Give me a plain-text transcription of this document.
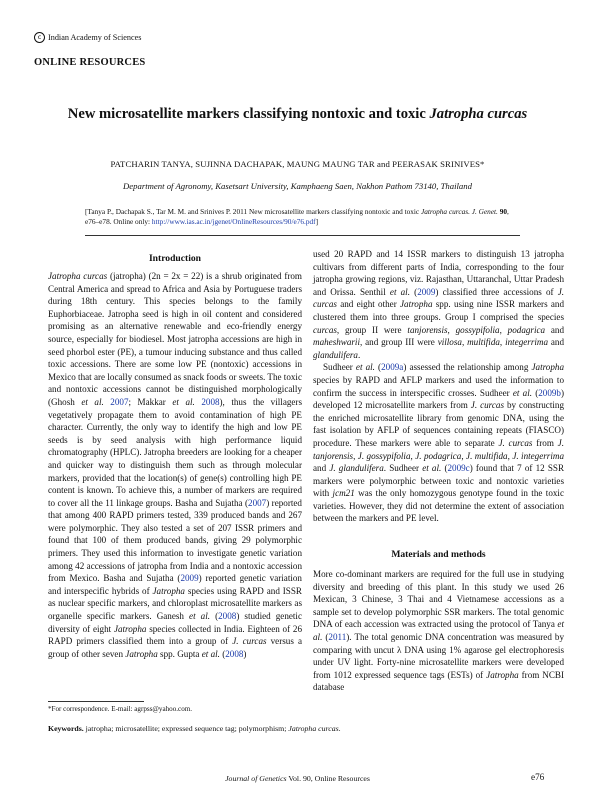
c Indian Academy of Sciences
ONLINE RESOURCES
New microsatellite markers classifying nontoxic and toxic Jatropha curcas
PATCHARIN TANYA, SUJINNA DACHAPAK, MAUNG MAUNG TAR and PEERASAK SRINIVES*
Department of Agronomy, Kasetsart University, Kamphaeng Saen, Nakhon Pathom 73140, Thailand
[Tanya P., Dachapak S., Tar M. M. and Srinives P. 2011 New microsatellite markers classifying nontoxic and toxic Jatropha curcas. J. Genet. 90, e76–e78. Online only: http://www.ias.ac.in/jgenet/OnlineResources/90/e76.pdf]
Introduction

Jatropha curcas (jatropha) (2n = 2x = 22) is a shrub originated from Central America and spread to Africa and Asia by Portuguese traders during 18th century. This species belongs to the family Euphorbiaceae. Jatropha seed is high in oil content and considered promising as an alternative renewable and eco-friendly energy source, especially for biodiesel. Most jatropha accessions are high in seed phorbol ester (PE), a tumour inducing substance and thus called toxic accessions. There are some low PE (nontoxic) accessions in Mexico that are locally consumed as snack foods or sweets. The toxic and nontoxic accessions cannot be distinguished morphologically (Ghosh et al. 2007; Makkar et al. 2008), thus the villagers vegetatively propagate them to avoid contamination of high PE character. Currently, the only way to identify the high and low PE seeds is by seed analysis with high performance liquid chromatography (HPLC). Jatropha breeders are looking for a cheaper and quicker way to distinguish them such as through molecular markers, provided that the location(s) of gene(s) controlling high PE content is known. To achieve this, a number of markers are required to cover all the 11 linkage groups. Basha and Sujatha (2007) reported that among 400 RAPD primers tested, 339 produced bands and 267 were polymorphic. They also tested a set of 207 ISSR primers and found that 100 of them produced bands, giving 29 polymorphic primers. They used this information to investigate genetic variation among 42 accessions of jatropha from India and a nontoxic accession from Mexico. Basha and Sujatha (2009) reported genetic variation and interspecific hybrids of Jatropha species using RAPD and ISSR as nuclear specific markers, and chloroplast microsatellite markers as organelle specific markers. Ganesh et al. (2008) studied genetic diversity of eight Jatropha species collected in India. Eighteen of 26 RAPD primers classified them into a group of J. curcas versus a group of other seven Jatropha spp. Gupta et al. (2008)

used 20 RAPD and 14 ISSR markers to distinguish 13 jatropha cultivars from different parts of India, corresponding to the four jatropha growing regions, viz. Rajasthan, Uttaranchal, Uttar Pradesh and Orissa. Senthil et al. (2009) classified three accessions of J. curcas and eight other Jatropha spp. using nine ISSR markers and clustered them into three groups. Group I comprised the species curcas, group II were tanjorensis, gossypifolia, podagrica and maheshwarii, and group III were villosa, multifida, integerrima and glandulifera.

Sudheer et al. (2009a) assessed the relationship among Jatropha species by RAPD and AFLP markers and used the information to confirm the success in interspecific crosses. Sudheer et al. (2009b) developed 12 microsatellite markers from J. curcas by constructing the enriched microsatellite library from genomic DNA, using the fast isolation by AFLP of sequences containing repeats (FIASCO) procedure. These markers were able to separate J. curcas from J. tanjorensis, J. gossypifolia, J. podagrica, J. multifida, J. integerrima and J. glandulifera. Sudheer et al. (2009c) found that 7 of 12 SSR markers were polymorphic between toxic and nontoxic varieties with jcm21 was the only homozygous genotype found in the toxic varieties. However, they did not determine the extent of association between the markers and PE level.

Materials and methods

More co-dominant markers are required for the full use in studying diversity and breeding of this plant. In this study we used 26 Mexican, 3 Chinese, 3 Thai and 4 Vietnamese accessions as a sample set to develop polymorphic SSR markers. The total genomic DNA of each accession was extracted using the protocol of Tanya et al. (2011). The total genomic DNA concentration was measured by comparing with uncut λ DNA using 1% agarose gel electrophoresis under UV light. Forty-nine microsatellite markers were developed from 1012 expressed sequence tags (ESTs) of Jatropha from NCBI database

*For correspondence. E-mail: agrpss@yahoo.com.
Keywords. jatropha; microsatellite; expressed sequence tag; polymorphism; Jatropha curcas.
Journal of Genetics Vol. 90, Online Resources	e76
